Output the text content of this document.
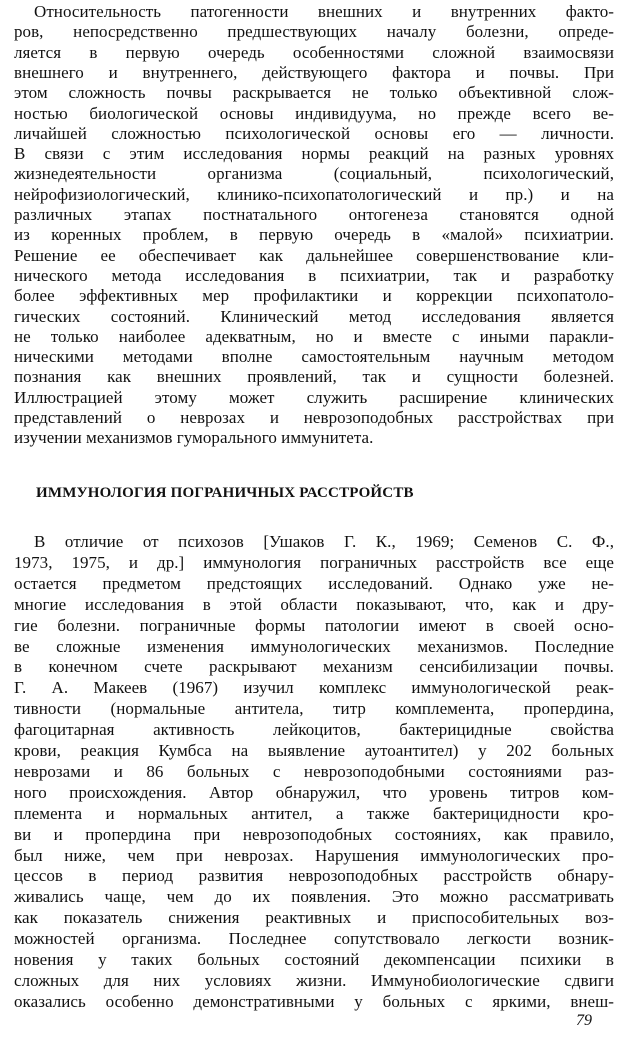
Относительность патогенности внешних и внутренних факто-
ров, непосредственно предшествующих началу болезни, опреде-
ляется в первую очередь особенностями сложной взаимосвязи
внешнего и внутреннего, действующего фактора и почвы. При
этом сложность почвы раскрывается не только объективной слож-
ностью биологической основы индивидуума, но прежде всего ве-
личайшей сложностью психологической основы его — личности.
В связи с этим исследования нормы реакций на разных уровнях
жизнедеятельности организма (социальный, психологический,
нейрофизиологический, клинико-психопатологический и пр.) и на
различных этапах постнатального онтогенеза становятся одной
из коренных проблем, в первую очередь в «малой» психиатрии.
Решение ее обеспечивает как дальнейшее совершенствование кли-
нического метода исследования в психиатрии, так и разработку
более эффективных мер профилактики и коррекции психопатоло-
гических состояний. Клинический метод исследования является
не только наиболее адекватным, но и вместе с иными паракли-
ническими методами вполне самостоятельным научным методом
познания как внешних проявлений, так и сущности болезней.
Иллюстрацией этому может служить расширение клинических
представлений о неврозах и неврозоподобных расстройствах при
изучении механизмов гуморального иммунитета.
ИММУНОЛОГИЯ ПОГРАНИЧНЫХ РАССТРОЙСТВ
В отличие от психозов [Ушаков Г. К., 1969; Семенов С. Ф.,
1973, 1975, и др.] иммунология пограничных расстройств все еще
остается предметом предстоящих исследований. Однако уже не-
многие исследования в этой области показывают, что, как и дру-
гие болезни. пограничные формы патологии имеют в своей осно-
ве сложные изменения иммунологических механизмов. Последние
в конечном счете раскрывают механизм сенсибилизации почвы.
Г. А. Макеев (1967) изучил комплекс иммунологической реак-
тивности (нормальные антитела, титр комплемента, пропердина,
фагоцитарная активность лейкоцитов, бактерицидные свойства
крови, реакция Кумбса на выявление аутоантител) у 202 больных
неврозами и 86 больных с неврозоподобными состояниями раз-
ного происхождения. Автор обнаружил, что уровень титров ком-
племента и нормальных антител, а также бактерицидности кро-
ви и пропердина при неврозоподобных состояниях, как правило,
был ниже, чем при неврозах. Нарушения иммунологических про-
цессов в период развития неврозоподобных расстройств обнару-
живались чаще, чем до их появления. Это можно рассматривать
как показатель снижения реактивных и приспособительных воз-
можностей организма. Последнее сопутствовало легкости возник-
новения у таких больных состояний декомпенсации психики в
сложных для них условиях жизни. Иммунобиологические сдвиги
оказались особенно демонстративными у больных с яркими, внеш-
79
